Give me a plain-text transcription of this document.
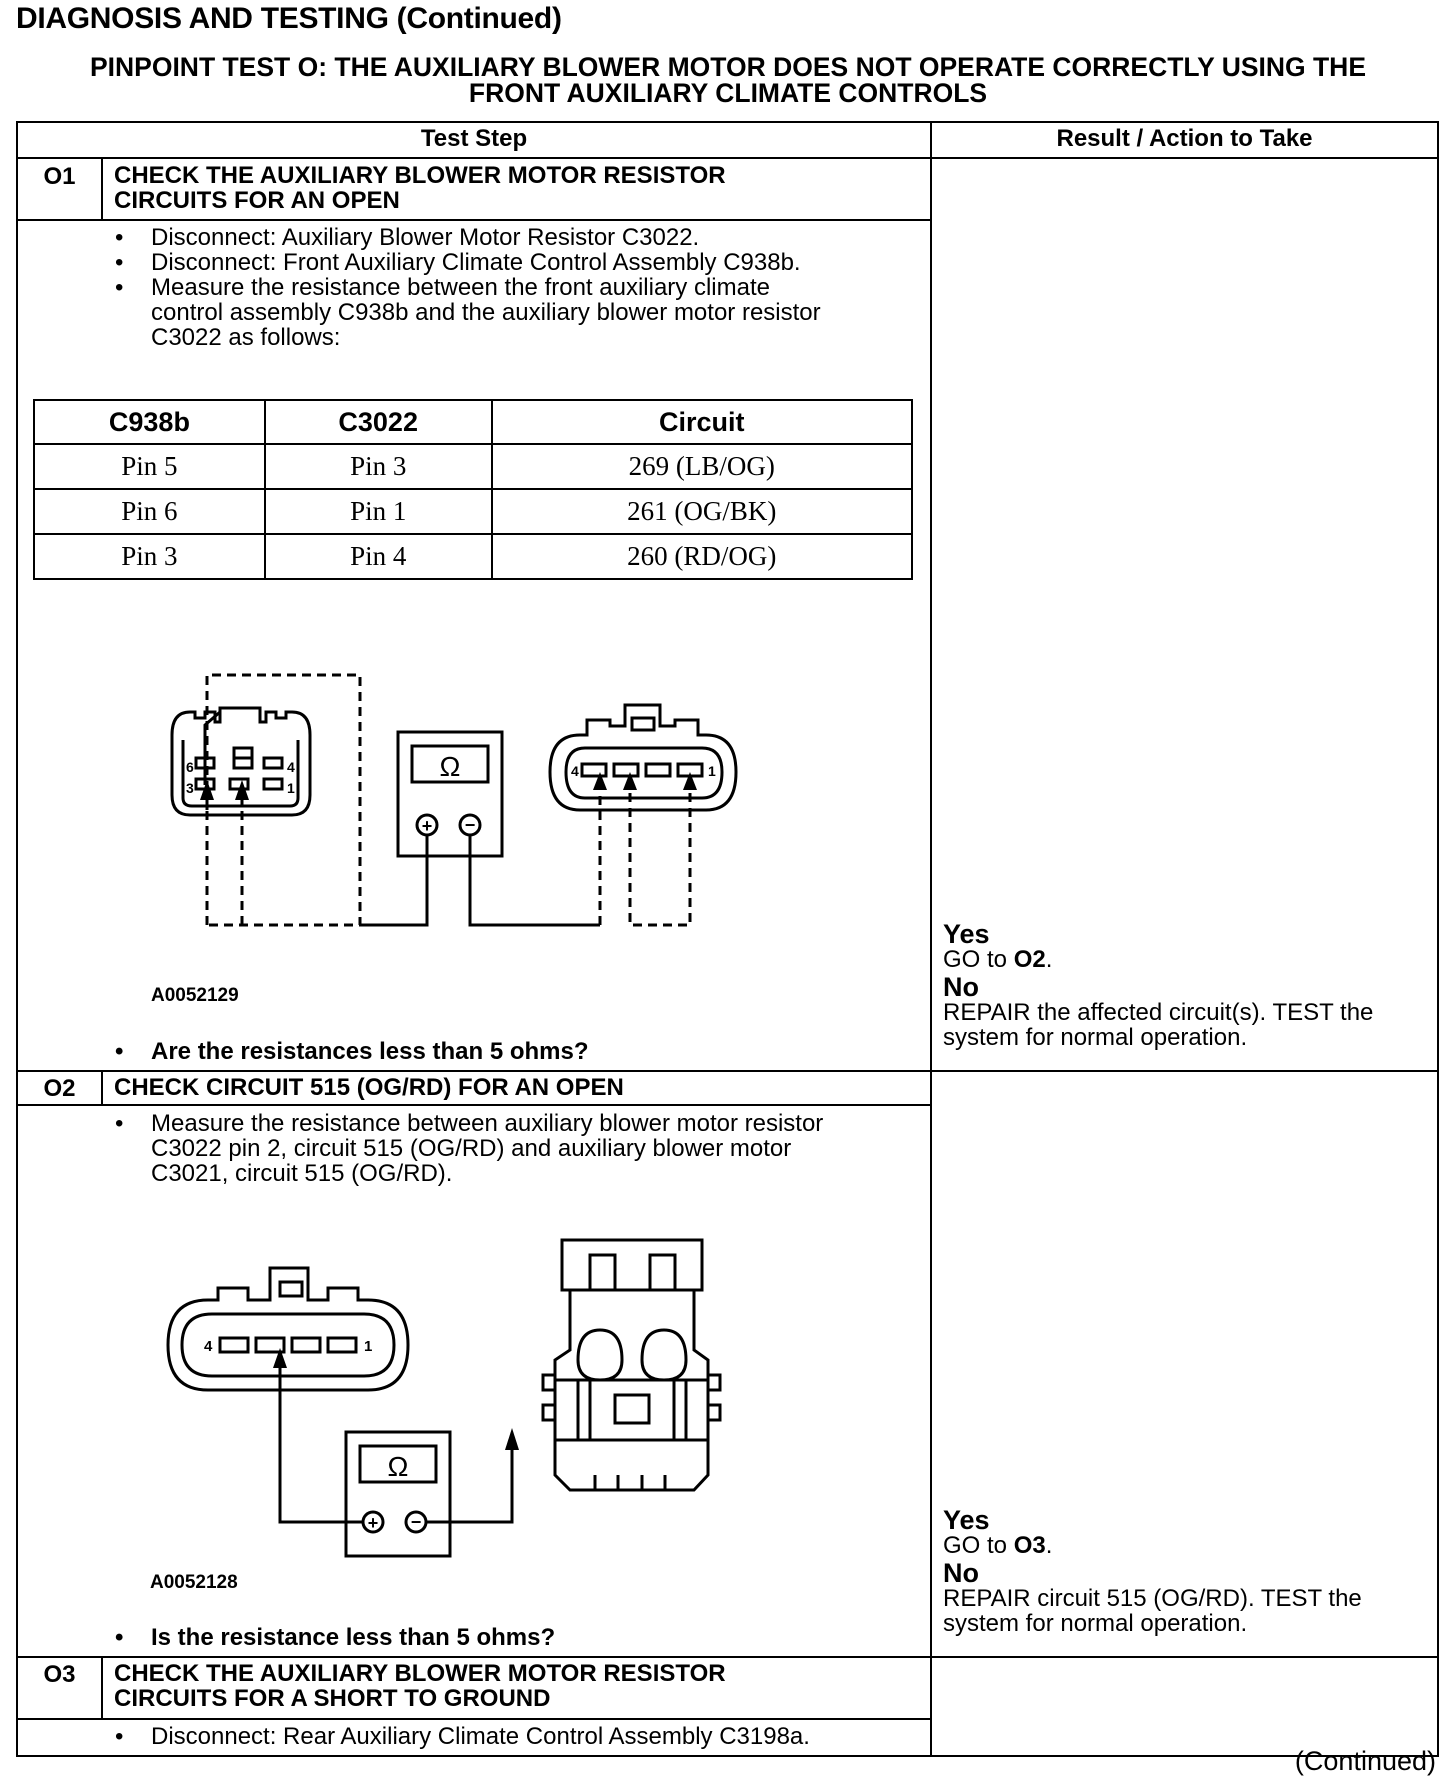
DIAGNOSIS AND TESTING (Continued)
PINPOINT TEST O: THE AUXILIARY BLOWER MOTOR DOES NOT OPERATE CORRECTLY USING THE
FRONT AUXILIARY CLIMATE CONTROLS
Test Step	Result / Action to Take
O1	CHECK THE AUXILIARY BLOWER MOTOR RESISTOR
CIRCUITS FOR AN OPEN
• Disconnect: Auxiliary Blower Motor Resistor C3022.
• Disconnect: Front Auxiliary Climate Control Assembly C938b.
• Measure the resistance between the front auxiliary climate
control assembly C938b and the auxiliary blower motor resistor
C3022 as follows:
C938b	C3022	Circuit
Pin 5	Pin 3	269 (LB/OG)
Pin 6	Pin 1	261 (OG/BK)
Pin 3	Pin 4	260 (RD/OG)
Ω
+ −
3	1
6	4	4	1
A0052129
• Are the resistances less than 5 ohms?
Yes
GO to O2.
No
REPAIR the affected circuit(s). TEST the
system for normal operation.
O2	CHECK CIRCUIT 515 (OG/RD) FOR AN OPEN
• Measure the resistance between auxiliary blower motor resistor
C3022 pin 2, circuit 515 (OG/RD) and auxiliary blower motor
C3021, circuit 515 (OG/RD).
Ω
+ −
4	1
A0052128
• Is the resistance less than 5 ohms?
Yes
GO to O3.
No
REPAIR circuit 515 (OG/RD). TEST the
system for normal operation.
O3	CHECK THE AUXILIARY BLOWER MOTOR RESISTOR
CIRCUITS FOR A SHORT TO GROUND
• Disconnect: Rear Auxiliary Climate Control Assembly C3198a.
(Continued)
